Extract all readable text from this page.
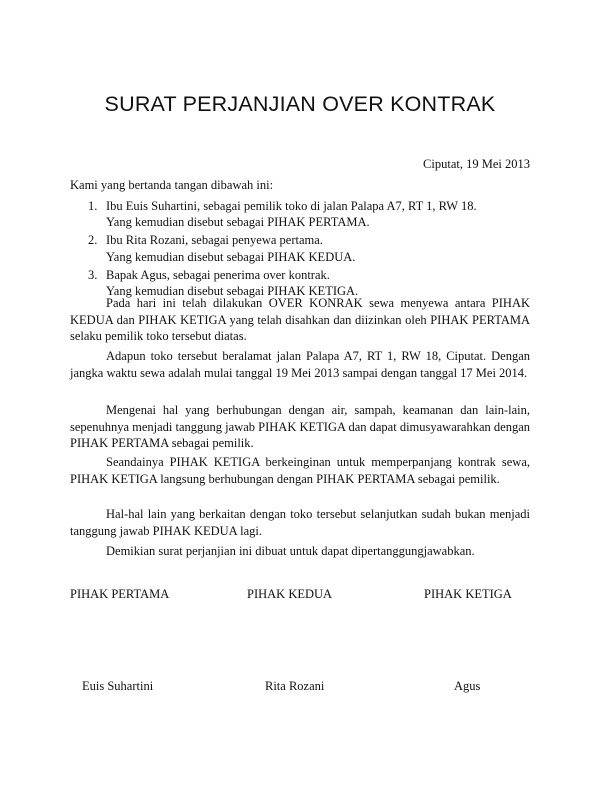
SURAT PERJANJIAN OVER KONTRAK
Ciputat, 19 Mei 2013
Kami yang bertanda tangan dibawah ini:
1. Ibu Euis Suhartini, sebagai pemilik toko di jalan Palapa A7, RT 1, RW 18.
Yang kemudian disebut sebagai PIHAK PERTAMA.
2. Ibu Rita Rozani, sebagai penyewa pertama.
Yang kemudian disebut sebagai PIHAK KEDUA.
3. Bapak Agus, sebagai penerima over kontrak.
Yang kemudian disebut sebagai PIHAK KETIGA.

Pada hari ini telah dilakukan OVER KONRAK sewa menyewa antara PIHAK KEDUA dan PIHAK KETIGA yang telah disahkan dan diizinkan oleh PIHAK PERTAMA selaku pemilik toko tersebut diatas.

Adapun toko tersebut beralamat jalan Palapa A7, RT 1, RW 18, Ciputat. Dengan jangka waktu sewa adalah mulai tanggal 19 Mei 2013 sampai dengan tanggal 17 Mei 2014.

Mengenai hal yang berhubungan dengan air, sampah, keamanan dan lain-lain, sepenuhnya menjadi tanggung jawab PIHAK KETIGA dan dapat dimusyawarahkan dengan PIHAK PERTAMA sebagai pemilik.

Seandainya PIHAK KETIGA berkeinginan untuk memperpanjang kontrak sewa, PIHAK KETIGA langsung berhubungan dengan PIHAK PERTAMA sebagai pemilik.

Hal-hal lain yang berkaitan dengan toko tersebut selanjutkan sudah bukan menjadi tanggung jawab PIHAK KEDUA lagi.

Demikian surat perjanjian ini dibuat untuk dapat dipertanggungjawabkan.

PIHAK PERTAMA	PIHAK KEDUA	PIHAK KETIGA
Euis Suhartini	Rita Rozani	Agus
